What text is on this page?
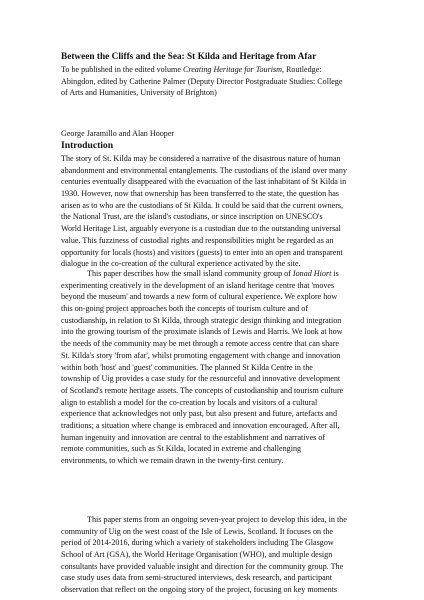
Between the Cliffs and the Sea: St Kilda and Heritage from Afar
To be published in the edited volume Creating Heritage for Tourism, Routledge:
Abingdon, edited by Catherine Palmer (Deputy Director Postgraduate Studies: College
of Arts and Humanities, University of Brighton)
George Jaramillo and Alan Hooper
Introduction
The story of St. Kilda may be considered a narrative of the disastrous nature of human
abandonment and environmental entanglements. The custodians of the island over many
centuries eventually disappeared with the evacuation of the last inhabitant of St Kilda in
1930. However, now that ownership has been transferred to the state, the question has
arisen as to who are the custodians of St Kilda. It could be said that the current owners,
the National Trust, are the island's custodians, or since inscription on UNESCO's
World Heritage List, arguably everyone is a custodian due to the outstanding universal
value. This fuzziness of custodial rights and responsibilities might be regarded as an
opportunity for locals (hosts) and visitors (guests) to enter into an open and transparent
dialogue in the co-creation of the cultural experience activated by the site.
This paper describes how the small island community group of Ionad Hiort is
experimenting creatively in the development of an island heritage centre that 'moves
beyond the museum' and towards a new form of cultural experience. We explore how
this on-going project approaches both the concepts of tourism culture and of
custodianship, in relation to St Kilda, through strategic design thinking and integration
into the growing tourism of the proximate islands of Lewis and Harris. We look at how
the needs of the community may be met through a remote access centre that can share
St. Kilda's story 'from afar', whilst promoting engagement with change and innovation
within both 'host' and 'guest' communities. The planned St Kilda Centre in the
township of Uig provides a case study for the resourceful and innovative development
of Scotland's remote heritage assets. The concepts of custodianship and tourism culture
align to establish a model for the co-creation by locals and visitors of a cultural
experience that acknowledges not only past, but also present and future, artefacts and
traditions; a situation where change is embraced and innovation encouraged. After all,
human ingenuity and innovation are central to the establishment and narratives of
remote communities, such as St Kilda, located in extreme and challenging
environments, to which we remain drawn in the twenty-first century.
This paper stems from an ongoing seven-year project to develop this idea, in the
community of Uig on the west coast of the Isle of Lewis, Scotland. It focuses on the
period of 2014-2016, during which a variety of stakeholders including The Glasgow
School of Art (GSA), the World Heritage Organisation (WHO), and multiple design
consultants have provided valuable insight and direction for the community group. The
case study uses data from semi-structured interviews, desk research, and participant
observation that reflect on the ongoing story of the project, focusing on key moments
